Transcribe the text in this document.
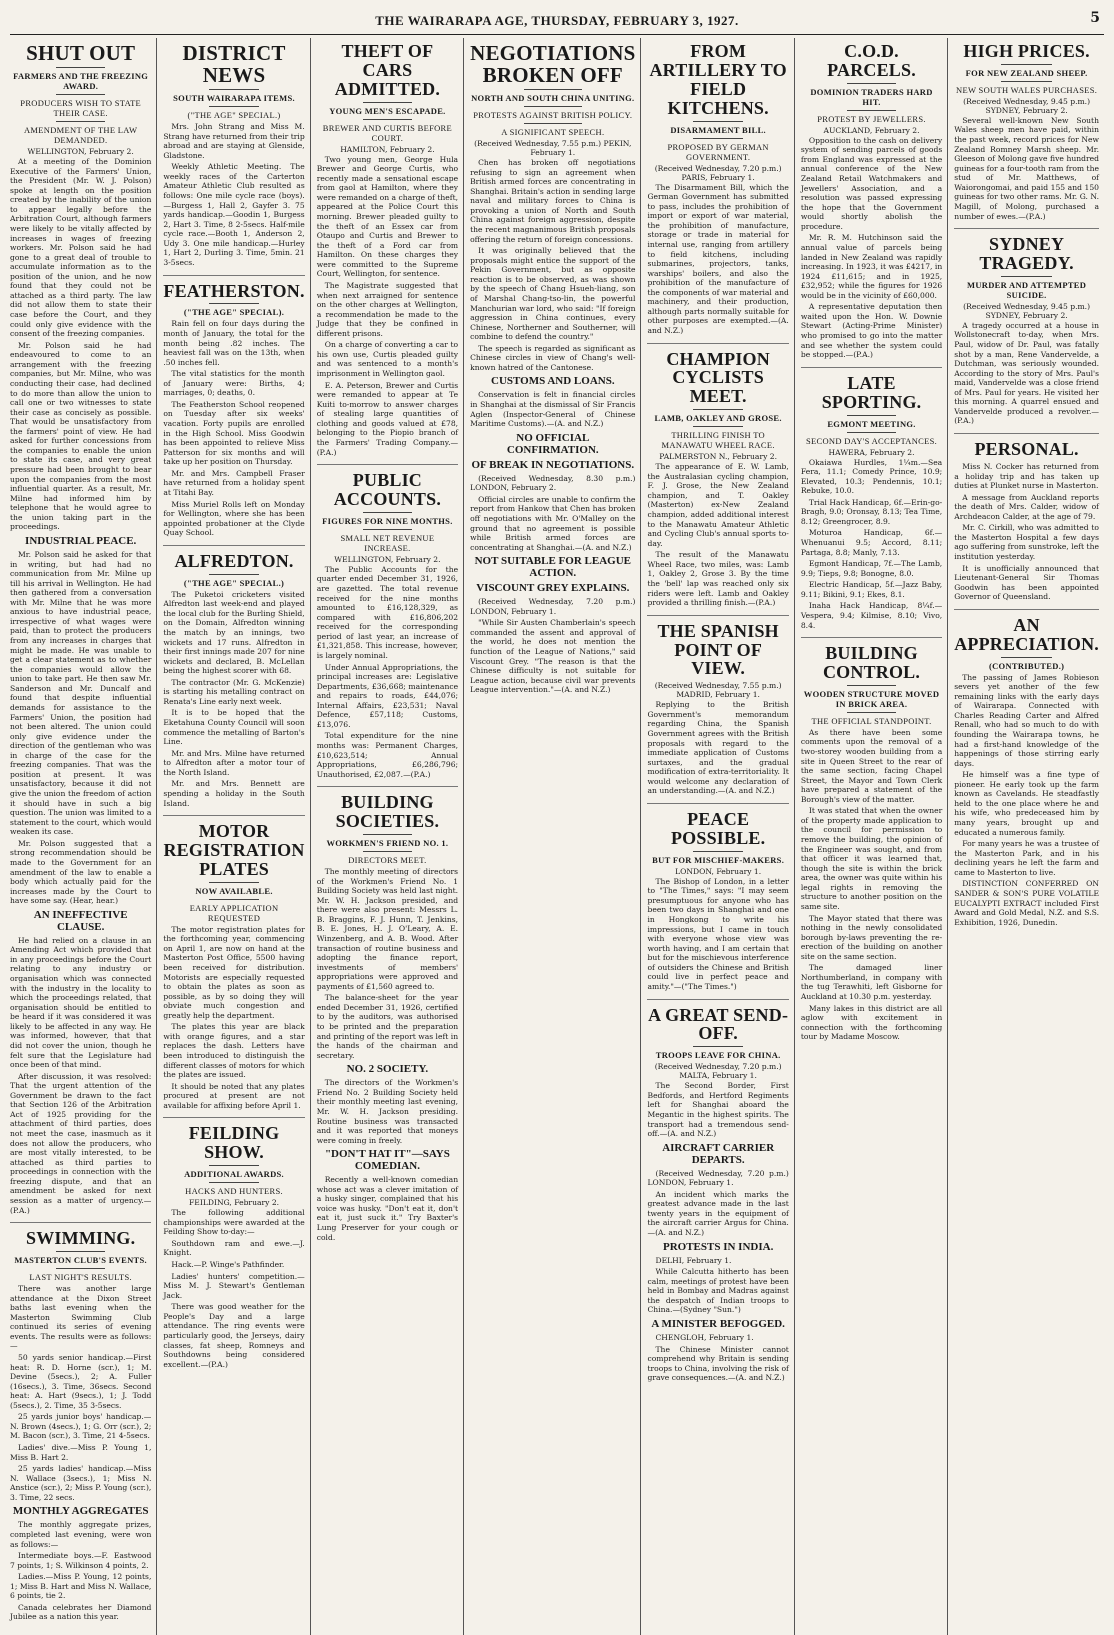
THE WAIRARAPA AGE, THURSDAY, FEBRUARY 3, 1927.	5
SHUT OUT
FARMERS AND THE FREEZING AWARD.
PRODUCERS WISH TO STATE THEIR CASE.
AMENDMENT OF THE LAW DEMANDED.
WELLINGTON, February 2.

At a meeting of the Dominion Executive of the Farmers' Union, the President (Mr. W. J. Polson) spoke at length on the position created by the inability of the union to appear legally before the Arbitration Court, although farmers were likely to be vitally affected by increases in wages of freezing workers. Mr. Polson said he had gone to a great deal of trouble to accumulate information as to the position of the union, and he now found that they could not be attached as a third party. The law did not allow them to state their case before the Court, and they could only give evidence with the consent of the freezing companies.

Mr. Polson said he had endeavoured to come to an arrangement with the freezing companies, but Mr. Milne, who was conducting their case, had declined to do more than allow the union to call one or two witnesses to state their case as concisely as possible. That would be unsatisfactory from the farmers' point of view. He had asked for further concessions from the companies to enable the union to state its case, and very great pressure had been brought to bear upon the companies from the most influential quarter. As a result, Mr. Milne had informed him by telephone that he would agree to the union taking part in the proceedings.

INDUSTRIAL PEACE.

Mr. Polson said he asked for that in writing, but had had no communication from Mr. Milne up till his arrival in Wellington. He had then gathered from a conversation with Mr. Milne that he was more anxious to have industrial peace, irrespective of what wages were paid, than to protect the producers from any increases in charges that might be made. He was unable to get a clear statement as to whether the companies would allow the union to take part. He then saw Mr. Sanderson and Mr. Duncalf and found that despite influential demands for assistance to the Farmers' Union, the position had not been altered. The union could only give evidence under the direction of the gentleman who was in charge of the case for the freezing companies. That was the position at present. It was unsatisfactory, because it did not give the union the freedom of action it should have in such a big question. The union was limited to a statement to the court, which would weaken its case.

Mr. Polson suggested that a strong recommendation should be made to the Government for an amendment of the law to enable a body which actually paid for the increases made by the Court to have some say. (Hear, hear.)

AN INEFFECTIVE CLAUSE.

He had relied on a clause in an Amending Act which provided that in any proceedings before the Court relating to any industry or organisation which was connected with the industry in the locality to which the proceedings related, that organisation should be entitled to be heard if it was considered it was likely to be affected in any way. He was informed, however, that that did not cover the union, though he felt sure that the Legislature had once been of that mind.

After discussion, it was resolved: That the urgent attention of the Government be drawn to the fact that Section 126 of the Arbitration Act of 1925 providing for the attachment of third parties, does not meet the case, inasmuch as it does not allow the producers, who are most vitally interested, to be attached as third parties to proceedings in connection with the freezing dispute, and that an amendment be asked for next session as a matter of urgency.—(P.A.)

SWIMMING.
MASTERTON CLUB'S EVENTS.
LAST NIGHT'S RESULTS.

There was another large attendance at the Dixon Street baths last evening when the Masterton Swimming Club continued its series of evening events. The results were as follows:—

50 yards senior handicap.—First heat: R. D. Horne (scr.), 1; M. Devine (5secs.), 2; A. Fuller (16secs.), 3. Time, 36secs. Second heat: A. Hart (9secs.), 1; J. Todd (5secs.), 2. Time, 35 3-5secs.

25 yards junior boys' handicap.—N. Brown (4secs.), 1; G. Orr (scr.), 2; M. Bacon (scr.), 3. Time, 21 4-5secs.

Ladies' dive.—Miss P. Young 1, Miss B. Hart 2.

25 yards ladies' handicap.—Miss N. Wallace (3secs.), 1; Miss N. Anstice (scr.), 2; Miss P. Young (scr.), 3. Time, 22 secs.

MONTHLY AGGREGATES

The monthly aggregate prizes, completed last evening, were won as follows:—

Intermediate boys.—F. Eastwood 7 points, 1; S. Wilkinson 4 points, 2.

Ladies.—Miss P. Young, 12 points, 1; Miss B. Hart and Miss N. Wallace, 6 points, tie 2.

Canada celebrates her Diamond Jubilee as a nation this year.

DISTRICT NEWS
SOUTH WAIRARAPA ITEMS.
("THE AGE" SPECIAL.)

Mrs. John Strang and Miss M. Strang have returned from their trip abroad and are staying at Glenside, Gladstone.

Weekly Athletic Meeting. The weekly races of the Carterton Amateur Athletic Club resulted as follows: One mile cycle race (boys).—Burgess 1, Hall 2, Gayfer 3. 75 yards handicap.—Goodin 1, Burgess 2, Hart 3. Time, 8 2-5secs. Half-mile cycle race.—Booth 1, Anderson 2, Udy 3. One mile handicap.—Hurley 1, Hart 2, Durling 3. Time, 5min. 21 3-5secs.

FEATHERSTON.
("THE AGE" SPECIAL).

Rain fell on four days during the month of January, the total for the month being .82 inches. The heaviest fall was on the 13th, when .50 inches fell.

The vital statistics for the month of January were: Births, 4; marriages, 0; deaths, 0.

The Featherston School reopened on Tuesday after six weeks' vacation. Forty pupils are enrolled in the High School. Miss Goodwin has been appointed to relieve Miss Patterson for six months and will take up her position on Thursday.

Mr. and Mrs. Campbell Fraser have returned from a holiday spent at Titahi Bay.

Miss Muriel Rolls left on Monday for Wellington, where she has been appointed probationer at the Clyde Quay School.

ALFREDTON.
("THE AGE" SPECIAL.)

The Puketoi cricketers visited Alfredton last week-end and played the local club for the Burling Shield, on the Domain, Alfredton winning the match by an innings, two wickets and 17 runs. Alfredton in their first innings made 207 for nine wickets and declared, B. McLellan being the highest scorer with 68.

The contractor (Mr. G. McKenzie) is starting his metalling contract on Renata's Line early next week.

It is to be hoped that the Eketahuna County Council will soon commence the metalling of Barton's Line.

Mr. and Mrs. Milne have returned to Alfredton after a motor tour of the North Island.

Mr. and Mrs. Bennett are spending a holiday in the South Island.

MOTOR REGISTRATION PLATES
NOW AVAILABLE.
EARLY APPLICATION REQUESTED

The motor registration plates for the forthcoming year, commencing on April 1, are now on hand at the Masterton Post Office, 5500 having been received for distribution. Motorists are especially requested to obtain the plates as soon as possible, as by so doing they will obviate much congestion and greatly help the department.

The plates this year are black with orange figures, and a star replaces the dash. Letters have been introduced to distinguish the different classes of motors for which the plates are issued.

It should be noted that any plates procured at present are not available for affixing before April 1.

FEILDING SHOW.
ADDITIONAL AWARDS.
HACKS AND HUNTERS.
FEILDING, February 2.

The following additional championships were awarded at the Feilding Show to-day:—

Southdown ram and ewe.—J. Knight.

Hack.—P. Winge's Pathfinder.

Ladies' hunters' competition.—Miss M. J. Stewart's Gentleman Jack.

There was good weather for the People's Day and a large attendance. The ring events were particularly good, the Jerseys, dairy classes, fat sheep, Romneys and Southdowns being considered excellent.—(P.A.)

THEFT OF CARS ADMITTED.
YOUNG MEN'S ESCAPADE.
BREWER AND CURTIS BEFORE COURT.
HAMILTON, February 2.

Two young men, George Hula Brewer and George Curtis, who recently made a sensational escape from gaol at Hamilton, where they were remanded on a charge of theft, appeared at the Police Court this morning. Brewer pleaded guilty to the theft of an Essex car from Otaupo and Curtis and Brewer to the theft of a Ford car from Hamilton. On these charges they were committed to the Supreme Court, Wellington, for sentence.

The Magistrate suggested that when next arraigned for sentence on the other charges at Wellington, a recommendation be made to the Judge that they be confined in different prisons.

On a charge of converting a car to his own use, Curtis pleaded guilty and was sentenced to a month's imprisonment in Wellington gaol.

E. A. Peterson, Brewer and Curtis were remanded to appear at Te Kuiti to-morrow to answer charges of stealing large quantities of clothing and goods valued at £78, belonging to the Piopio branch of the Farmers' Trading Company.—(P.A.)

PUBLIC ACCOUNTS.
FIGURES FOR NINE MONTHS.
SMALL NET REVENUE INCREASE.
WELLINGTON, February 2.

The Public Accounts for the quarter ended December 31, 1926, are gazetted. The total revenue received for the nine months amounted to £16,128,329, as compared with £16,806,202 received for the corresponding period of last year, an increase of £1,321,858. This increase, however, is largely nominal.

Under Annual Appropriations, the principal increases are: Legislative Departments, £36,668; maintenance and repairs to roads, £44,076; Internal Affairs, £23,531; Naval Defence, £57,118; Customs, £13,076.

Total expenditure for the nine months was: Permanent Charges, £10,623,514; Annual Appropriations, £6,286,796; Unauthorised, £2,087.—(P.A.)

BUILDING SOCIETIES.
WORKMEN'S FRIEND NO. 1.
DIRECTORS MEET.

The monthly meeting of directors of the Workmen's Friend No. 1 Building Society was held last night. Mr. W. H. Jackson presided, and there were also present: Messrs L. B. Braggins, F. J. Hunn, T. Jenkins, B. E. Jones, H. J. O'Leary, A. E. Winzenberg, and A. B. Wood. After transaction of routine business and adopting the finance report, investments of members' appropriations were approved and payments of £1,560 agreed to.

The balance-sheet for the year ended December 31, 1926, certified to by the auditors, was authorised to be printed and the preparation and printing of the report was left in the hands of the chairman and secretary.

NO. 2 SOCIETY.

The directors of the Workmen's Friend No. 2 Building Society held their monthly meeting last evening, Mr. W. H. Jackson presiding. Routine business was transacted and it was reported that moneys were coming in freely.

"DON'T HAT IT"—SAYS COMEDIAN.

Recently a well-known comedian whose act was a clever imitation of a husky singer, complained that his voice was husky. "Don't eat it, don't eat it, just suck it." Try Baxter's Lung Preserver for your cough or cold.

NEGOTIATIONS BROKEN OFF
NORTH AND SOUTH CHINA UNITING.
PROTESTS AGAINST BRITISH POLICY.
A SIGNIFICANT SPEECH.
(Received Wednesday, 7.55 p.m.) PEKIN, February 1.

Chen has broken off negotiations refusing to sign an agreement when British armed forces are concentrating in Shanghai. Britain's action in sending large naval and military forces to China is provoking a union of North and South China against foreign aggression, despite the recent magnanimous British proposals offering the return of foreign concessions.

It was originally believed that the proposals might entice the support of the Pekin Government, but as opposite reaction is to be observed, as was shown by the speech of Chang Hsueh-liang, son of Marshal Chang-tso-lin, the powerful Manchurian war lord, who said: "If foreign aggression in China continues, every Chinese, Northerner and Southerner, will combine to defend the country."

The speech is regarded as significant as Chinese circles in view of Chang's well-known hatred of the Cantonese.

CUSTOMS AND LOANS.

Conservation is felt in financial circles in Shanghai at the dismissal of Sir Francis Aglen (Inspector-General of Chinese Maritime Customs).—(A. and N.Z.)

NO OFFICIAL CONFIRMATION.
OF BREAK IN NEGOTIATIONS.

(Received Wednesday, 8.30 p.m.) LONDON, February 2.

Official circles are unable to confirm the report from Hankow that Chen has broken off negotiations with Mr. O'Malley on the ground that no agreement is possible while British armed forces are concentrating at Shanghai.—(A. and N.Z.)

NOT SUITABLE FOR LEAGUE ACTION.
VISCOUNT GREY EXPLAINS.

(Received Wednesday, 7.20 p.m.) LONDON, February 1.

"While Sir Austen Chamberlain's speech commanded the assent and approval of the world, he does not mention the function of the League of Nations," said Viscount Grey. "The reason is that the Chinese difficulty is not suitable for League action, because civil war prevents League intervention."—(A. and N.Z.)

FROM ARTILLERY TO FIELD KITCHENS.
DISARMAMENT BILL.
PROPOSED BY GERMAN GOVERNMENT.
(Received Wednesday, 7.20 p.m.) PARIS, February 1.

The Disarmament Bill, which the German Government has submitted to pass, includes the prohibition of import or export of war material, the prohibition of manufacture, storage or trade in material for internal use, ranging from artillery to field kitchens, including submarines, projectors, tanks, warships' boilers, and also the prohibition of the manufacture of the components of war material and machinery, and their production, although parts normally suitable for other purposes are exempted.—(A. and N.Z.)

CHAMPION CYCLISTS MEET.
LAMB, OAKLEY AND GROSE.
THRILLING FINISH TO MANAWATU WHEEL RACE.
PALMERSTON N., February 2.

The appearance of E. W. Lamb, the Australasian cycling champion, F. J. Grose, the New Zealand champion, and T. Oakley (Masterton) ex-New Zealand champion, added additional interest to the Manawatu Amateur Athletic and Cycling Club's annual sports to-day.

The result of the Manawatu Wheel Race, two miles, was: Lamb 1, Oakley 2, Grose 3. By the time the 'bell' lap was reached only six riders were left. Lamb and Oakley provided a thrilling finish.—(P.A.)

THE SPANISH POINT OF VIEW.
(Received Wednesday, 7.55 p.m.) MADRID, February 1.

Replying to the British Government's memorandum regarding China, the Spanish Government agrees with the British proposals with regard to the immediate application of Customs surtaxes, and the gradual modification of extra-territoriality. It would welcome any declaration of an understanding.—(A. and N.Z.)

PEACE POSSIBLE.
BUT FOR MISCHIEF-MAKERS.
LONDON, February 1.

The Bishop of London, in a letter to "The Times," says: "I may seem presumptuous for anyone who has been two days in Shanghai and one in Hongkong to write his impressions, but I came in touch with everyone whose view was worth having, and I am certain that but for the mischievous interference of outsiders the Chinese and British could live in perfect peace and amity."—("The Times.")

A GREAT SEND-OFF.
TROOPS LEAVE FOR CHINA.
(Received Wednesday, 7.20 p.m.) MALTA, February 1.

The Second Border, First Bedfords, and Hertford Regiments left for Shanghai aboard the Megantic in the highest spirits. The transport had a tremendous send-off.—(A. and N.Z.)

AIRCRAFT CARRIER DEPARTS.

(Received Wednesday, 7.20 p.m.) LONDON, February 1.

An incident which marks the greatest advance made in the last twenty years in the equipment of the aircraft carrier Argus for China.—(A. and N.Z.)

PROTESTS IN INDIA.

DELHI, February 1.

While Calcutta hitherto has been calm, meetings of protest have been held in Bombay and Madras against the despatch of Indian troops to China.—(Sydney "Sun.")

A MINISTER BEFOGGED.

CHENGLOH, February 1.

The Chinese Minister cannot comprehend why Britain is sending troops to China, involving the risk of grave consequences.—(A. and N.Z.)

C.O.D. PARCELS.
DOMINION TRADERS HARD HIT.
PROTEST BY JEWELLERS.
AUCKLAND, February 2.

Opposition to the cash on delivery system of sending parcels of goods from England was expressed at the annual conference of the New Zealand Retail Watchmakers and Jewellers' Association, and a resolution was passed expressing the hope that the Government would shortly abolish the procedure.

Mr. R. M. Hutchinson said the annual value of parcels being landed in New Zealand was rapidly increasing. In 1923, it was £4217, in 1924 £11,615; and in 1925, £32,952; while the figures for 1926 would be in the vicinity of £60,000.

A representative deputation then waited upon the Hon. W. Downie Stewart (Acting-Prime Minister) who promised to go into the matter and see whether the system could be stopped.—(P.A.)

LATE SPORTING.
EGMONT MEETING.
SECOND DAY'S ACCEPTANCES.
HAWERA, February 2.

Okaiawa Hurdles, 1¼m.—Sea Fera, 11.1; Comedy Prince, 10.9; Elevated, 10.3; Pendennis, 10.1; Rebuke, 10.0.

Trial Hack Handicap, 6f.—Erin-go-Bragh, 9.0; Oronsay, 8.13; Tea Time, 8.12; Greengrocer, 8.9.

Moturoa Handicap, 6f.—Whenuanui 9.5; Accord, 8.11; Partaga, 8.8; Manly, 7.13.

Egmont Handicap, 7f.—The Lamb, 9.9; Tieps, 9.8; Bonogne, 8.0.

Electric Handicap, 5f.—Jazz Baby, 9.11; Bikini, 9.1; Ekes, 8.1.

Inaha Hack Handicap, 8¼f.—Vespera, 9.4; Kilmise, 8.10; Vivo, 8.4.

BUILDING CONTROL.
WOODEN STRUCTURE MOVED IN BRICK AREA.
THE OFFICIAL STANDPOINT.

As there have been some comments upon the removal of a two-storey wooden building from a site in Queen Street to the rear of the same section, facing Chapel Street, the Mayor and Town Clerk have prepared a statement of the Borough's view of the matter.

It was stated that when the owner of the property made application to the council for permission to remove the building, the opinion of the Engineer was sought, and from that officer it was learned that, though the site is within the brick area, the owner was quite within his legal rights in removing the structure to another position on the same site.

The Mayor stated that there was nothing in the newly consolidated borough by-laws preventing the re-erection of the building on another site on the same section.

The damaged liner Northumberland, in company with the tug Terawhiti, left Gisborne for Auckland at 10.30 p.m. yesterday.

Many lakes in this district are all aglow with excitement in connection with the forthcoming tour by Madame Moscow.

HIGH PRICES.
FOR NEW ZEALAND SHEEP.
NEW SOUTH WALES PURCHASES.
(Received Wednesday, 9.45 p.m.) SYDNEY, February 2.

Several well-known New South Wales sheep men have paid, within the past week, record prices for New Zealand Romney Marsh sheep. Mr. Gleeson of Molong gave five hundred guineas for a four-tooth ram from the stud of Mr. Matthews, of Waiorongomai, and paid 155 and 150 guineas for two other rams. Mr. G. N. Magill, of Molong, purchased a number of ewes.—(P.A.)

SYDNEY TRAGEDY.
MURDER AND ATTEMPTED SUICIDE.
(Received Wednesday, 9.45 p.m.) SYDNEY, February 2.

A tragedy occurred at a house in Wollstonecraft to-day, when Mrs. Paul, widow of Dr. Paul, was fatally shot by a man, Rene Vandervelde, a Dutchman, was seriously wounded. According to the story of Mrs. Paul's maid, Vandervelde was a close friend of Mrs. Paul for years. He visited her this morning. A quarrel ensued and Vandervelde produced a revolver.—(P.A.)

PERSONAL.

Miss N. Cocker has returned from a holiday trip and has taken up duties at Plunket nurse in Masterton.

A message from Auckland reports the death of Mrs. Calder, widow of Archdeacon Calder, at the age of 79.

Mr. C. Cirkill, who was admitted to the Masterton Hospital a few days ago suffering from sunstroke, left the institution yesterday.

It is unofficially announced that Lieutenant-General Sir Thomas Goodwin has been appointed Governor of Queensland.

AN APPRECIATION.
(CONTRIBUTED.)

The passing of James Robieson severs yet another of the few remaining links with the early days of Wairarapa. Connected with Charles Reading Carter and Alfred Renall, who had so much to do with founding the Wairarapa towns, he had a first-hand knowledge of the happenings of those stirring early days.

He himself was a fine type of pioneer. He early took up the farm known as Cavelands. He steadfastly held to the one place where he and his wife, who predeceased him by many years, brought up and educated a numerous family.

For many years he was a trustee of the Masterton Park, and in his declining years he left the farm and came to Masterton to live.

DISTINCTION CONFERRED ON SANDER & SON'S PURE VOLATILE EUCALYPTI EXTRACT included First Award and Gold Medal, N.Z. and S.S. Exhibition, 1926, Dunedin.
